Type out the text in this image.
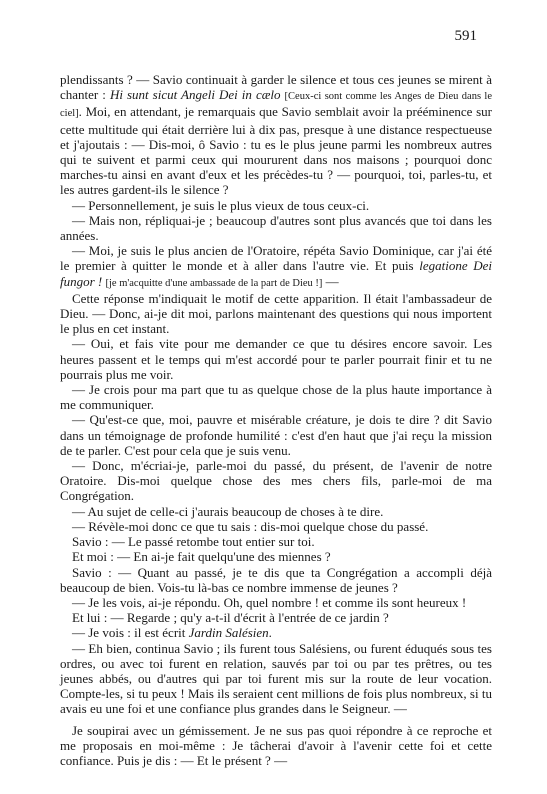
591

plendissants ? — Savio continuait à garder le silence et tous ces jeunes se mirent à chanter : Hi sunt sicut Angeli Dei in cælo [Ceux-ci sont comme les Anges de Dieu dans le ciel]. Moi, en attendant, je remarquais que Savio semblait avoir la prééminence sur cette multitude qui était derrière lui à dix pas, presque à une distance respectueuse et j'ajoutais : — Dis-moi, ô Savio : tu es le plus jeune parmi les nombreux autres qui te suivent et parmi ceux qui moururent dans nos maisons ; pourquoi donc marches-tu ainsi en avant d'eux et les précèdes-tu ? — pourquoi, toi, parles-tu, et les autres gardent-ils le silence ?

— Personnellement, je suis le plus vieux de tous ceux-ci.

— Mais non, répliquai-je ; beaucoup d'autres sont plus avancés que toi dans les années.

— Moi, je suis le plus ancien de l'Oratoire, répéta Savio Dominique, car j'ai été le premier à quitter le monde et à aller dans l'autre vie. Et puis legatione Dei fungor ! [je m'acquitte d'une ambassade de la part de Dieu !] —

Cette réponse m'indiquait le motif de cette apparition. Il était l'ambassadeur de Dieu. — Donc, ai-je dit moi, parlons maintenant des questions qui nous importent le plus en cet instant.

— Oui, et fais vite pour me demander ce que tu désires encore savoir. Les heures passent et le temps qui m'est accordé pour te parler pourrait finir et tu ne pourrais plus me voir.

— Je crois pour ma part que tu as quelque chose de la plus haute importance à me communiquer.

— Qu'est-ce que, moi, pauvre et misérable créature, je dois te dire ? dit Savio dans un témoignage de profonde humilité : c'est d'en haut que j'ai reçu la mission de te parler. C'est pour cela que je suis venu.

— Donc, m'écriai-je, parle-moi du passé, du présent, de l'avenir de notre Oratoire. Dis-moi quelque chose des mes chers fils, parle-moi de ma Congrégation.

— Au sujet de celle-ci j'aurais beaucoup de choses à te dire.

— Révèle-moi donc ce que tu sais : dis-moi quelque chose du passé.

Savio : — Le passé retombe tout entier sur toi.

Et moi : — En ai-je fait quelqu'une des miennes ?

Savio : — Quant au passé, je te dis que ta Congrégation a accompli déjà beaucoup de bien. Vois-tu là-bas ce nombre immense de jeunes ?

— Je les vois, ai-je répondu. Oh, quel nombre ! et comme ils sont heureux !

Et lui : — Regarde ; qu'y a-t-il d'écrit à l'entrée de ce jardin ?

— Je vois : il est écrit Jardin Salésien.

— Eh bien, continua Savio ; ils furent tous Salésiens, ou furent éduqués sous tes ordres, ou avec toi furent en relation, sauvés par toi ou par tes prêtres, ou tes jeunes abbés, ou d'autres qui par toi furent mis sur la route de leur vocation. Compte-les, si tu peux ! Mais ils seraient cent millions de fois plus nombreux, si tu avais eu une foi et une confiance plus grandes dans le Seigneur. —

Je soupirai avec un gémissement. Je ne sus pas quoi répondre à ce reproche et me proposais en moi-même : Je tâcherai d'avoir à l'avenir cette foi et cette confiance. Puis je dis : — Et le présent ? —
